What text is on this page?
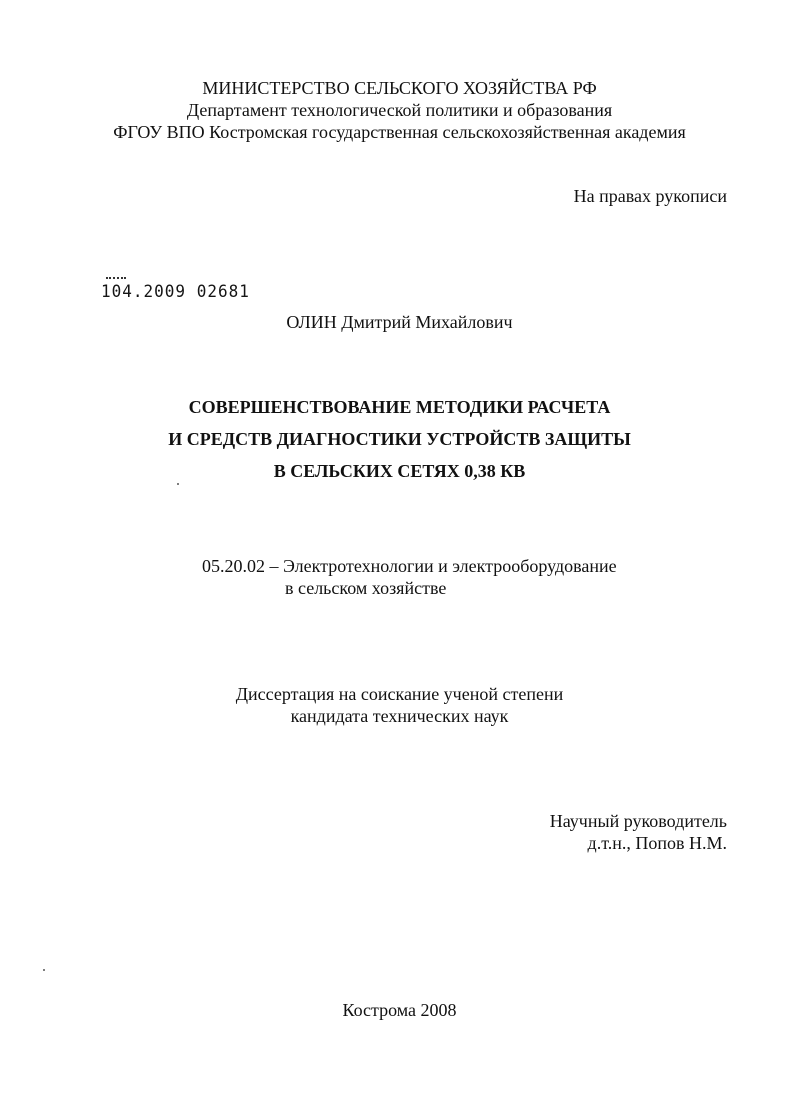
МИНИСТЕРСТВО СЕЛЬСКОГО ХОЗЯЙСТВА РФ
Департамент технологической политики и образования
ФГОУ ВПО Костромская государственная сельскохозяйственная академия
На правах рукописи
104.2009 02681
ОЛИН Дмитрий Михайлович
СОВЕРШЕНСТВОВАНИЕ МЕТОДИКИ РАСЧЕТА
И СРЕДСТВ ДИАГНОСТИКИ УСТРОЙСТВ ЗАЩИТЫ
В СЕЛЬСКИХ СЕТЯХ 0,38 КВ
05.20.02 – Электротехнологии и электрооборудование
в сельском хозяйстве
Диссертация на соискание ученой степени
кандидата технических наук
Научный руководитель
д.т.н., Попов Н.М.
Кострома 2008
